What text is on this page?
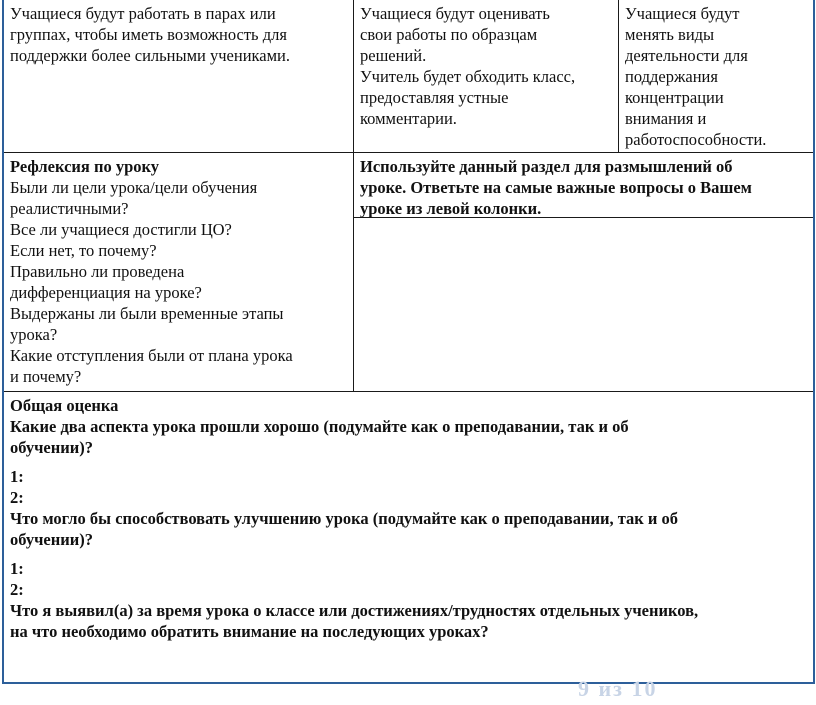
Учащиеся будут работать в парах или
группах, чтобы иметь возможность для
поддержки более сильными учениками.
Учащиеся будут оценивать
свои работы по образцам
решений.
Учитель будет обходить класс,
предоставляя устные
комментарии.
Учащиеся будут
менять виды
деятельности для
поддержания
концентрации
внимания и
работоспособности.
Рефлексия по уроку
Были ли цели урока/цели обучения
реалистичными?
Все ли учащиеся достигли ЦО?
Если нет, то почему?
Правильно ли проведена
дифференциация на уроке?
Выдержаны ли были временные этапы
урока?
Какие отступления были от плана урока
и почему?
Используйте данный раздел для размышлений об
уроке. Ответьте на самые важные вопросы о Вашем
уроке из левой колонки.
Общая оценка
Какие два аспекта урока прошли хорошо (подумайте как о преподавании, так и об
обучении)?
1:
2:
Что могло бы способствовать улучшению урока (подумайте как о преподавании, так и об
обучении)?
1:
2:
Что я выявил(а) за время урока о классе или достижениях/трудностях отдельных учеников,
на что необходимо обратить внимание на последующих уроках?
9 из 10
